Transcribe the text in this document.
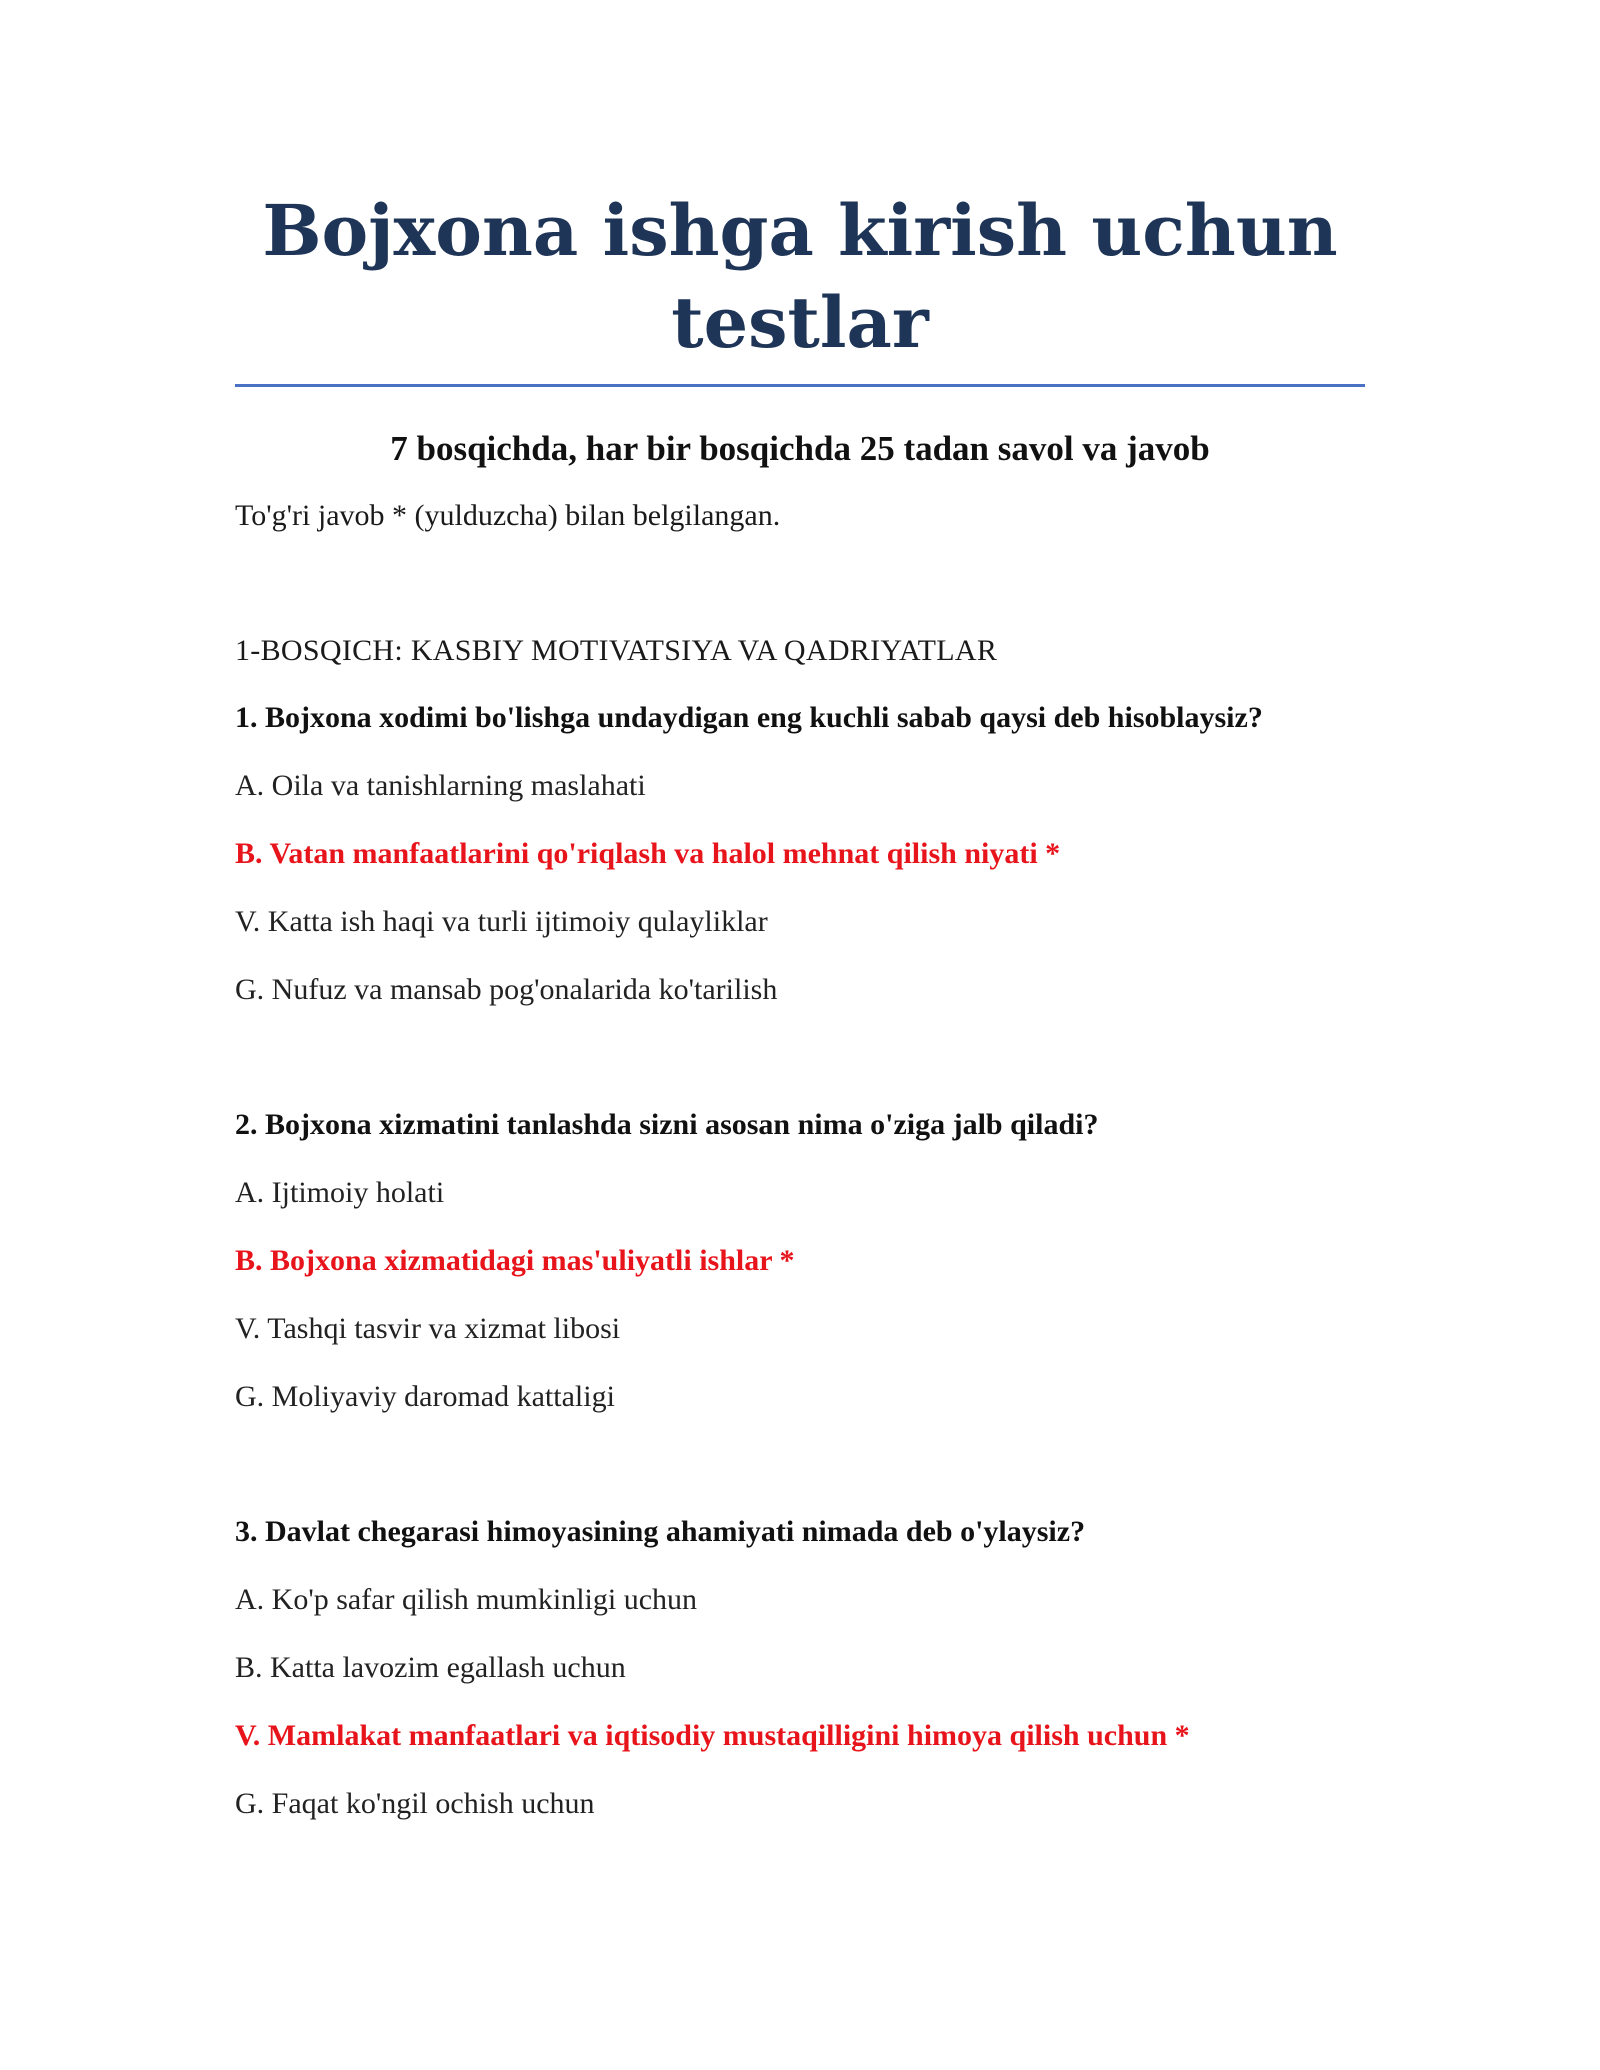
Bojxona ishga kirish uchun testlar
7 bosqichda, har bir bosqichda 25 tadan savol va javob
To'g'ri javob * (yulduzcha) bilan belgilangan.
1-BOSQICH: KASBIY MOTIVATSIYA VA QADRIYATLAR
1. Bojxona xodimi bo'lishga undaydigan eng kuchli sabab qaysi deb hisoblaysiz?
A. Oila va tanishlarning maslahati
B. Vatan manfaatlarini qo'riqlash va halol mehnat qilish niyati *
V. Katta ish haqi va turli ijtimoiy qulayliklar
G. Nufuz va mansab pog'onalarida ko'tarilish
2. Bojxona xizmatini tanlashda sizni asosan nima o'ziga jalb qiladi?
A. Ijtimoiy holati
B. Bojxona xizmatidagi mas'uliyatli ishlar *
V. Tashqi tasvir va xizmat libosi
G. Moliyaviy daromad kattaligi
3. Davlat chegarasi himoyasining ahamiyati nimada deb o'ylaysiz?
A. Ko'p safar qilish mumkinligi uchun
B. Katta lavozim egallash uchun
V. Mamlakat manfaatlari va iqtisodiy mustaqilligini himoya qilish uchun *
G. Faqat ko'ngil ochish uchun
